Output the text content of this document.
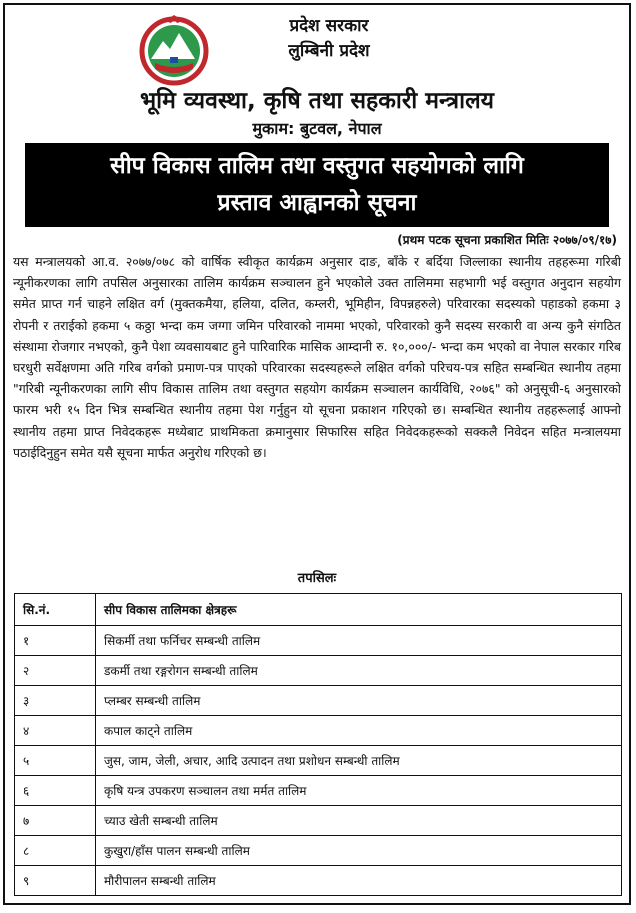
प्रदेश सरकार
लुम्बिनी प्रदेश
भूमि व्यवस्था, कृषि तथा सहकारी मन्त्रालय
मुकाम: बुटवल, नेपाल
सीप विकास तालिम तथा वस्तुगत सहयोगको लागि
प्रस्ताव आह्वानको सूचना
(प्रथम पटक सूचना प्रकाशित मितिः २०७७/०९/१७)
यस मन्त्रालयको आ.व. २०७७/०७८ को वार्षिक स्वीकृत कार्यक्रम अनुसार दाङ, बाँके र बर्दिया जिल्लाका स्थानीय तहहरूमा गरिबी न्यूनीकरणका लागि तपसिल अनुसारका तालिम कार्यक्रम सञ्चालन हुने भएकोले उक्त तालिममा सहभागी भई वस्तुगत अनुदान सहयोग समेत प्राप्त गर्न चाहने लक्षित वर्ग (मुक्तकमैया, हलिया, दलित, कम्लरी, भूमिहीन, विपन्नहरुले) परिवारका सदस्यको पहाडको हकमा ३ रोपनी र तराईको हकमा ५ कठ्ठा भन्दा कम जग्गा जमिन परिवारको नाममा भएको, परिवारको कुनै सदस्य सरकारी वा अन्य कुनै संगठित संस्थामा रोजगार नभएको, कुनै पेशा व्यवसायबाट हुने पारिवारिक मासिक आम्दानी रु. १०,०००/- भन्दा कम भएको वा नेपाल सरकार गरिब घरधुरी सर्वेक्षणमा अति गरिब वर्गको प्रमाण-पत्र पाएको परिवारका सदस्यहरूले लक्षित वर्गको परिचय-पत्र सहित सम्बन्धित स्थानीय तहमा "गरिबी न्यूनीकरणका लागि सीप विकास तालिम तथा वस्तुगत सहयोग कार्यक्रम सञ्चालन कार्यविधि, २०७६" को अनुसूची-६ अनुसारको फारम भरी १५ दिन भित्र सम्बन्धित स्थानीय तहमा पेश गर्नुहुन यो सूचना प्रकाशन गरिएको छ। सम्बन्धित स्थानीय तहहरूलाई आफ्नो स्थानीय तहमा प्राप्त निवेदकहरू मध्येबाट प्राथमिकता क्रमानुसार सिफारिस सहित निवेदकहरूको सक्कलै निवेदन सहित मन्त्रालयमा पठाईदिनुहुन समेत यसै सूचना मार्फत अनुरोध गरिएको छ।
तपसिलः
सि.नं.	सीप विकास तालिमका क्षेत्रहरू
१	सिकर्मी तथा फर्निचर सम्बन्धी तालिम
२	डकर्मी तथा रङ्गरोगन सम्बन्धी तालिम
३	प्लम्बर सम्बन्धी तालिम
४	कपाल काट्ने तालिम
५	जुस, जाम, जेली, अचार, आदि उत्पादन तथा प्रशोधन सम्बन्धी तालिम
६	कृषि यन्त्र उपकरण सञ्चालन तथा मर्मत तालिम
७	च्याउ खेती सम्बन्धी तालिम
८	कुखुरा/हाँस पालन सम्बन्धी तालिम
९	मौरीपालन सम्बन्धी तालिम
